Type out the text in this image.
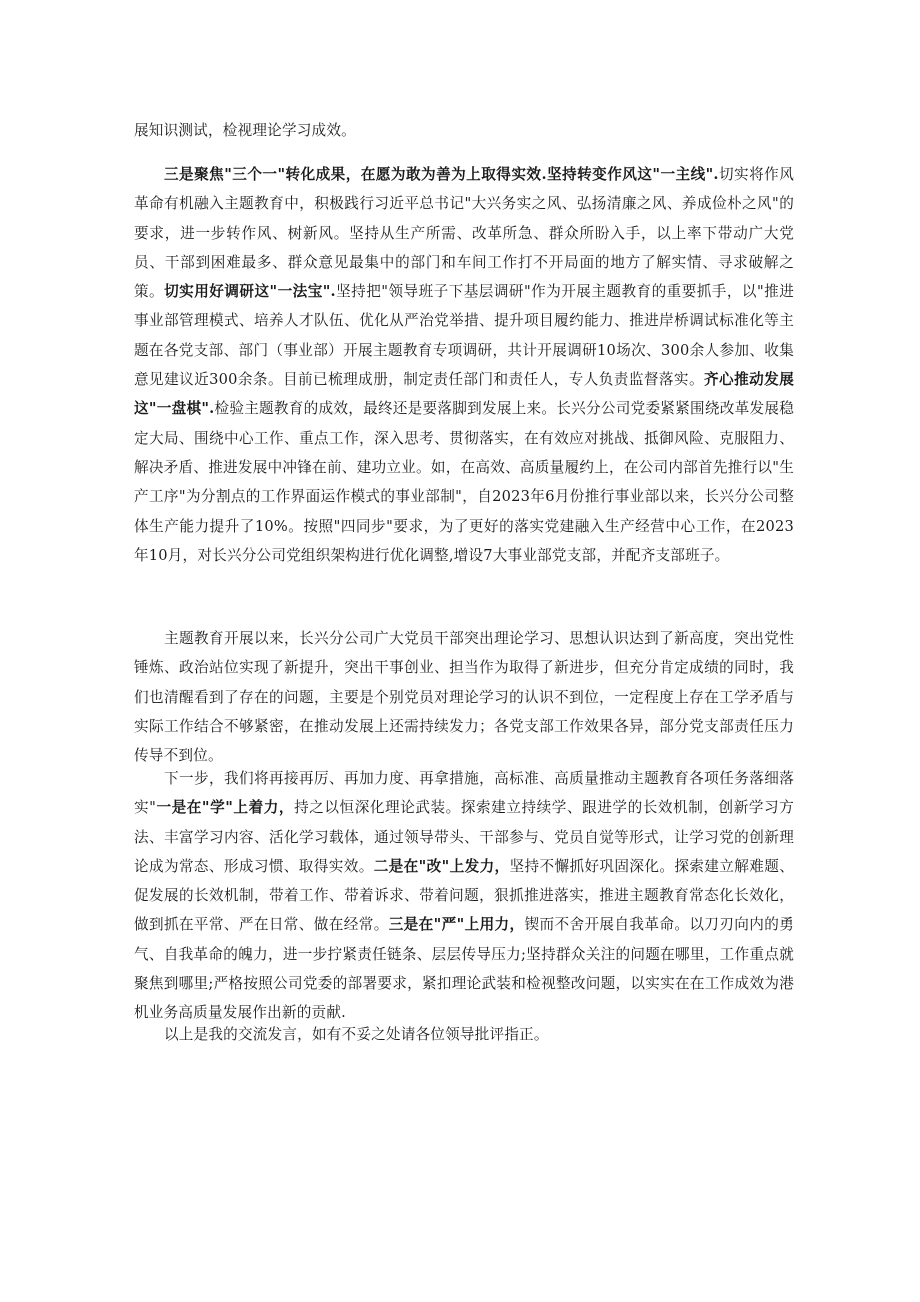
展知识测试，检视理论学习成效。

三是聚焦"三个一"转化成果，在愿为敢为善为上取得实效.坚持转变作风这"一主线".切实将作风革命有机融入主题教育中，积极践行习近平总书记"大兴务实之风、弘扬清廉之风、养成俭朴之风"的要求，进一步转作风、树新风。坚持从生产所需、改革所急、群众所盼入手，以上率下带动广大党员、干部到困难最多、群众意见最集中的部门和车间工作打不开局面的地方了解实情、寻求破解之策。切实用好调研这"一法宝".坚持把"领导班子下基层调研"作为开展主题教育的重要抓手，以"推进事业部管理模式、培养人才队伍、优化从严治党举措、提升项目履约能力、推进岸桥调试标准化等主题在各党支部、部门（事业部）开展主题教育专项调研，共计开展调研10场次、300余人参加、收集意见建议近300余条。目前已梳理成册，制定责任部门和责任人，专人负责监督落实。齐心推动发展这"一盘棋".检验主题教育的成效，最终还是要落脚到发展上来。长兴分公司党委紧紧围绕改革发展稳定大局、围绕中心工作、重点工作，深入思考、贯彻落实，在有效应对挑战、抵御风险、克服阻力、解决矛盾、推进发展中冲锋在前、建功立业。如，在高效、高质量履约上，在公司内部首先推行以"生产工序"为分割点的工作界面运作模式的事业部制"，自2023年6月份推行事业部以来，长兴分公司整体生产能力提升了10%。按照"四同步"要求，为了更好的落实党建融入生产经营中心工作，在2023年10月，对长兴分公司党组织架构进行优化调整,增设7大事业部党支部，并配齐支部班子。

主题教育开展以来，长兴分公司广大党员干部突出理论学习、思想认识达到了新高度，突出党性锤炼、政治站位实现了新提升，突出干事创业、担当作为取得了新进步，但充分肯定成绩的同时，我们也清醒看到了存在的问题，主要是个别党员对理论学习的认识不到位，一定程度上存在工学矛盾与实际工作结合不够紧密，在推动发展上还需持续发力；各党支部工作效果各异，部分党支部责任压力传导不到位。

下一步，我们将再接再厉、再加力度、再拿措施，高标准、高质量推动主题教育各项任务落细落实"一是在"学"上着力，持之以恒深化理论武装。探索建立持续学、跟进学的长效机制，创新学习方法、丰富学习内容、活化学习载体，通过领导带头、干部参与、党员自觉等形式，让学习党的创新理论成为常态、形成习惯、取得实效。二是在"改"上发力，坚持不懈抓好巩固深化。探索建立解难题、促发展的长效机制，带着工作、带着诉求、带着问题，狠抓推进落实，推进主题教育常态化长效化，做到抓在平常、严在日常、做在经常。三是在"严"上用力，锲而不舍开展自我革命。以刀刃向内的勇气、自我革命的魄力，进一步拧紧责任链条、层层传导压力;坚持群众关注的问题在哪里，工作重点就聚焦到哪里;严格按照公司党委的部署要求，紧扣理论武装和检视整改问题，以实实在在工作成效为港机业务高质量发展作出新的贡献.

以上是我的交流发言，如有不妥之处请各位领导批评指正。
